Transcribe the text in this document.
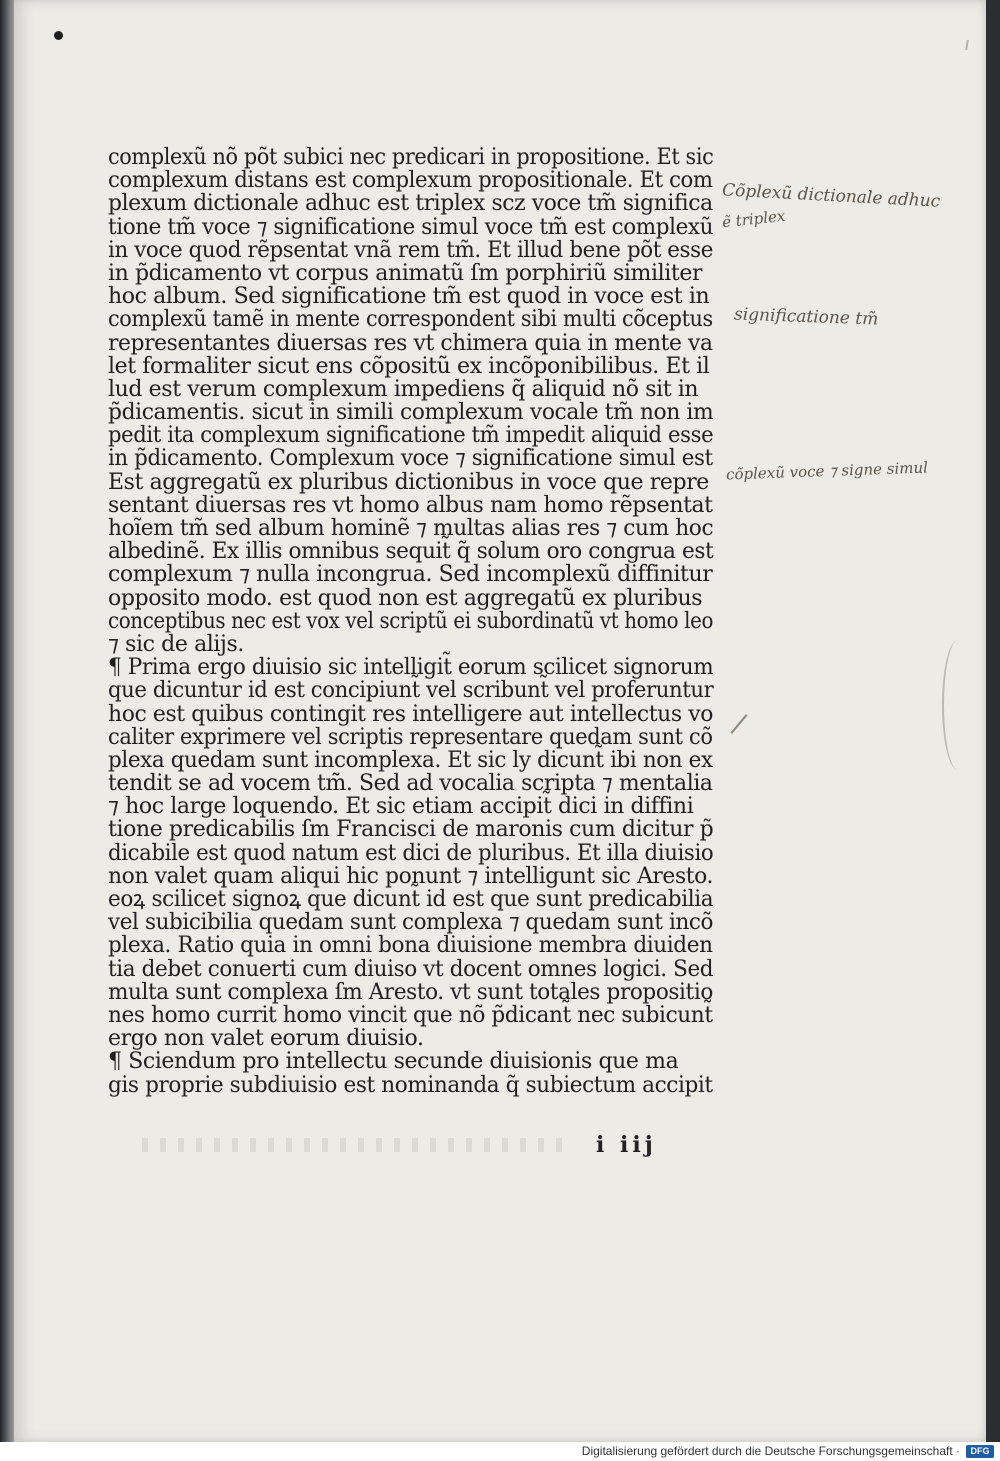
complexũ nõ põt subici nec predicari in propositione. Et sic
complexum distans est complexum propositionale. Et com
plexum dictionale adhuc est triplex scz voce tm̃ significa
tione tm̃ voce ⁊ significatione simul voce tm̃ est complexũ
in voce quod rẽpsentat vnã rem tm̃. Et illud bene põt esse
in p̃dicamento vt corpus animatũ ſm porphiriũ similiter
hoc album. Sed significatione tm̃ est quod in voce est in
complexũ tamẽ in mente correspondent sibi multi cõceptus
representantes diuersas res vt chimera quia in mente va
let formaliter sicut ens cõpositũ ex incõponibilibus. Et il
lud est verum complexum impediens q̃ aliquid nõ sit in
p̃dicamentis. sicut in simili complexum vocale tm̃ non im
pedit ita complexum significatione tm̃ impedit aliquid esse
in p̃dicamento. Complexum voce ⁊ significatione simul est
Est aggregatũ ex pluribus dictionibus in voce que repre
sentant diuersas res vt homo albus nam homo rẽpsentat
hoĩem tm̃ sed album hominẽ ⁊ multas alias res ⁊ cum hoc
albedinẽ. Ex illis omnibus sequit̃ q̃ solum oro congrua est
complexum ⁊ nulla incongrua. Sed incomplexũ diffinitur
opposito modo. est quod non est aggregatũ ex pluribus
conceptibus nec est vox vel scriptũ ei subordinatũ vt homo leo
⁊ sic de alijs.
¶ Prima ergo diuisio sic intelligit̃ eorum scilicet signorum
que dicuntur id est concipiunt̃ vel scribunt̃ vel proferuntur
hoc est quibus contingit res intelligere aut intellectus vo
caliter exprimere vel scriptis representare quedam sunt cõ
plexa quedam sunt incomplexa. Et sic ly dicunt̃ ibi non ex
tendit se ad vocem tm̃. Sed ad vocalia scripta ⁊ mentalia
⁊ hoc large loquendo. Et sic etiam accipit̃ dici in diffini
tione predicabilis ſm Francisci de maronis cum dicitur p̃
dicabile est quod natum est dici de pluribus. Et illa diuisio
non valet quam aliqui hic ponunt ⁊ intelligunt sic Aresto.
eoꝝ scilicet signoꝝ que dicunt̃ id est que sunt predicabilia
vel subicibilia quedam sunt complexa ⁊ quedam sunt incõ
plexa. Ratio quia in omni bona diuisione membra diuiden
tia debet conuerti cum diuiso vt docent omnes logici. Sed
multa sunt complexa ſm Aresto. vt sunt totales propositio
nes homo currit homo vincit que nõ p̃dicant̃ nec subicunt̃
ergo non valet eorum diuisio.
¶ Sciendum pro intellectu secunde diuisionis que ma
gis proprie subdiuisio est nominanda q̃ subiectum accipit
i iij
Cõplexũ dictionale adhuc
ẽ triplex
significatione tm̃
cõplexũ voce ⁊ signe simul
Digitalisierung gefördert durch die Deutsche Forschungsgemeinschaft ·	DFG
